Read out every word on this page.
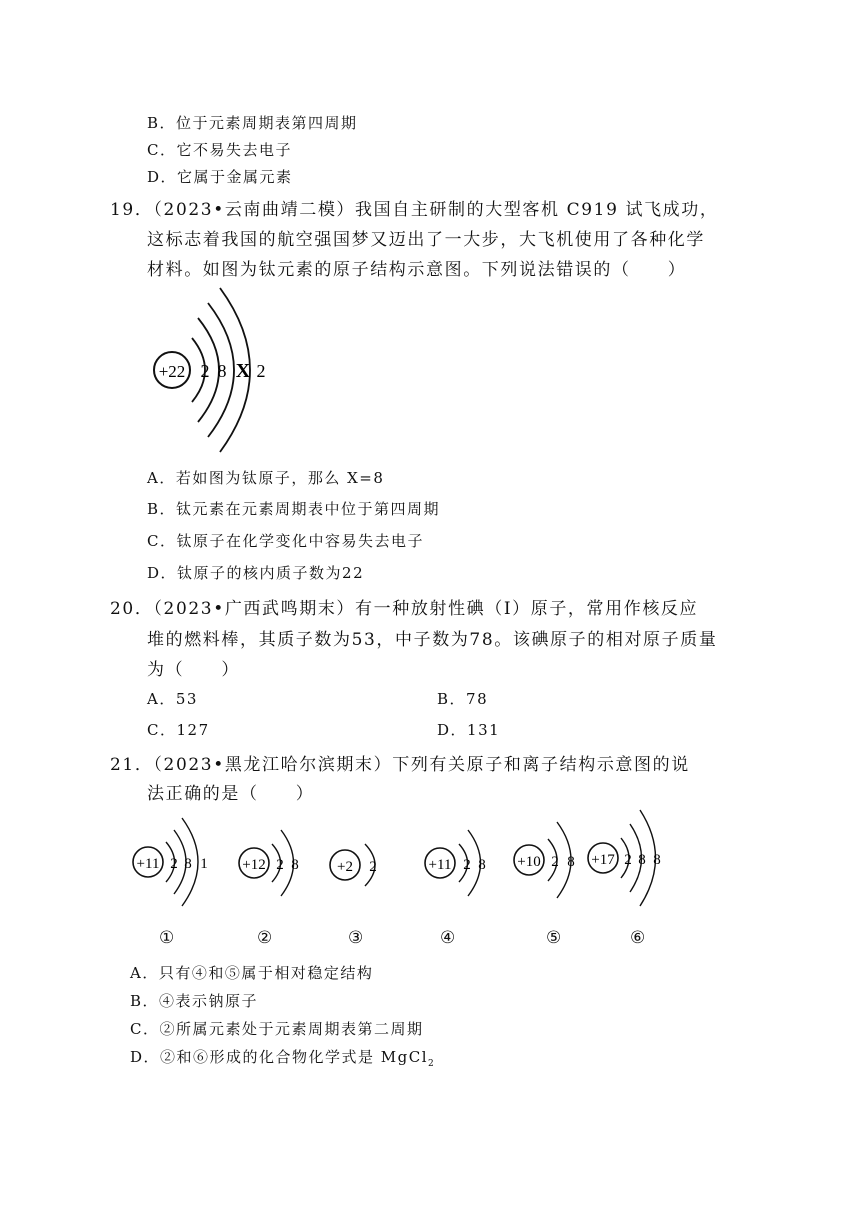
B．位于元素周期表第四周期
C．它不易失去电子
D．它属于金属元素
19．（2023•云南曲靖二模）我国自主研制的大型客机 C919 试飞成功，
这标志着我国的航空强国梦又迈出了一大步，大飞机使用了各种化学
材料。如图为钛元素的原子结构示意图。下列说法错误的（　　）
+22 2 8 X 2
A．若如图为钛原子，那么 X=8
B．钛元素在元素周期表中位于第四周期
C．钛原子在化学变化中容易失去电子
D．钛原子的核内质子数为22
20．（2023•广西武鸣期末）有一种放射性碘（I）原子，常用作核反应
堆的燃料棒，其质子数为53，中子数为78。该碘原子的相对原子质量
为（　　）
A．53	B．78
C．127	D．131
21．（2023•黑龙江哈尔滨期末）下列有关原子和离子结构示意图的说
法正确的是（　　）
+11 2 8 1
①
+12 2 8
②
+2 2
③
+11 2 8
④
+10 2 8
⑤
+17 2 8 8
⑥
A．只有④和⑤属于相对稳定结构
B．④表示钠原子
C．②所属元素处于元素周期表第二周期
D．②和⑥形成的化合物化学式是 MgCl$_2$
